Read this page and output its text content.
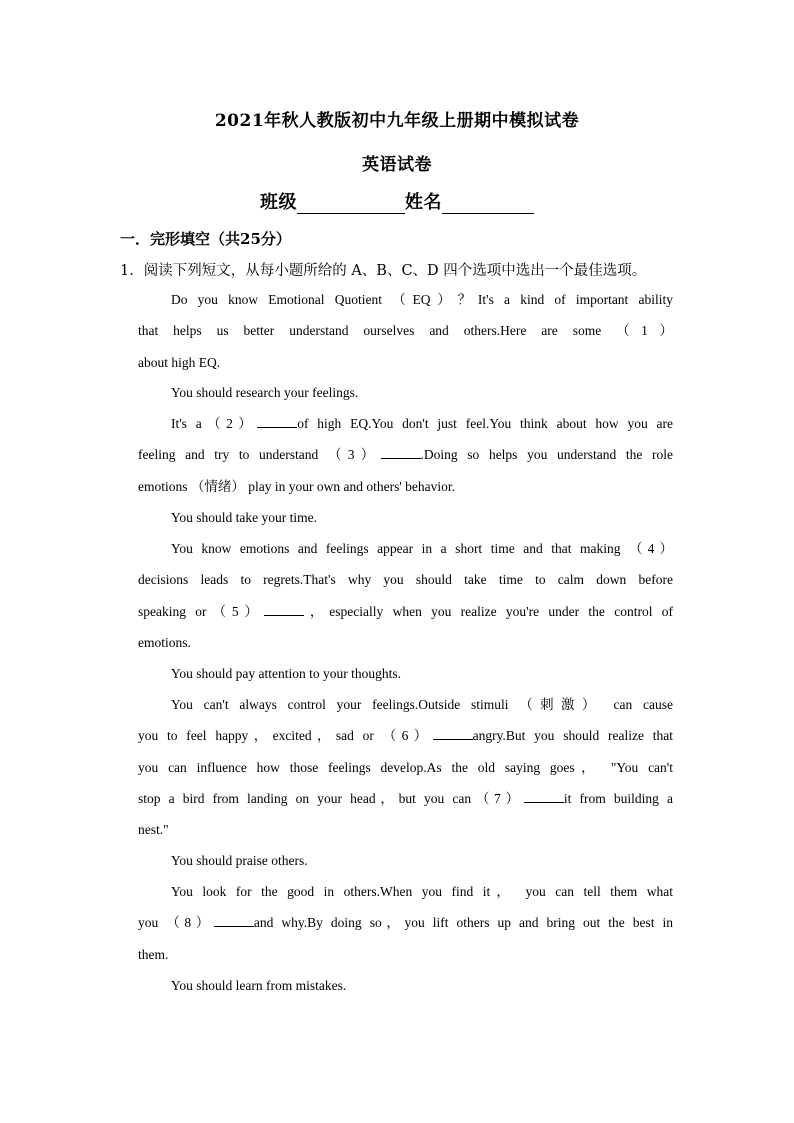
2021年秋人教版初中九年级上册期中模拟试卷
英语试卷
班级	姓名
一．完形填空（共25分）
1．阅读下列短文，从每小题所给的 A、B、C、D 四个选项中选出一个最佳选项。
Do you know Emotional Quotient （EQ）？It's a kind of important ability
that helps us better understand ourselves and others.Here are some （1）
about high EQ.
You should research your feelings.
It's a（2）	of high EQ.You don't just feel.You think about how you are
feeling and try to understand （3）	.Doing so helps you understand the role
emotions （情绪） play in your own and others' behavior.
You should take your time.
You know emotions and feelings appear in a short time and that making （4）
decisions leads to regrets.That's why you should take time to calm down before
speaking or（5）	，especially when you realize you're under the control of
emotions.
You should pay attention to your thoughts.
You can't always control your feelings.Outside stimuli （刺激） can cause
you to feel happy，excited，sad or （6）	angry.But you should realize that
you can influence how those feelings develop.As the old saying goes， "You can't
stop a bird from landing on your head，but you can（7）	it from building a
nest."
You should praise others.
You look for the good in others.When you find it， you can tell them what
you （8）	and why.By doing so，you lift others up and bring out the best in
them.
You should learn from mistakes.
